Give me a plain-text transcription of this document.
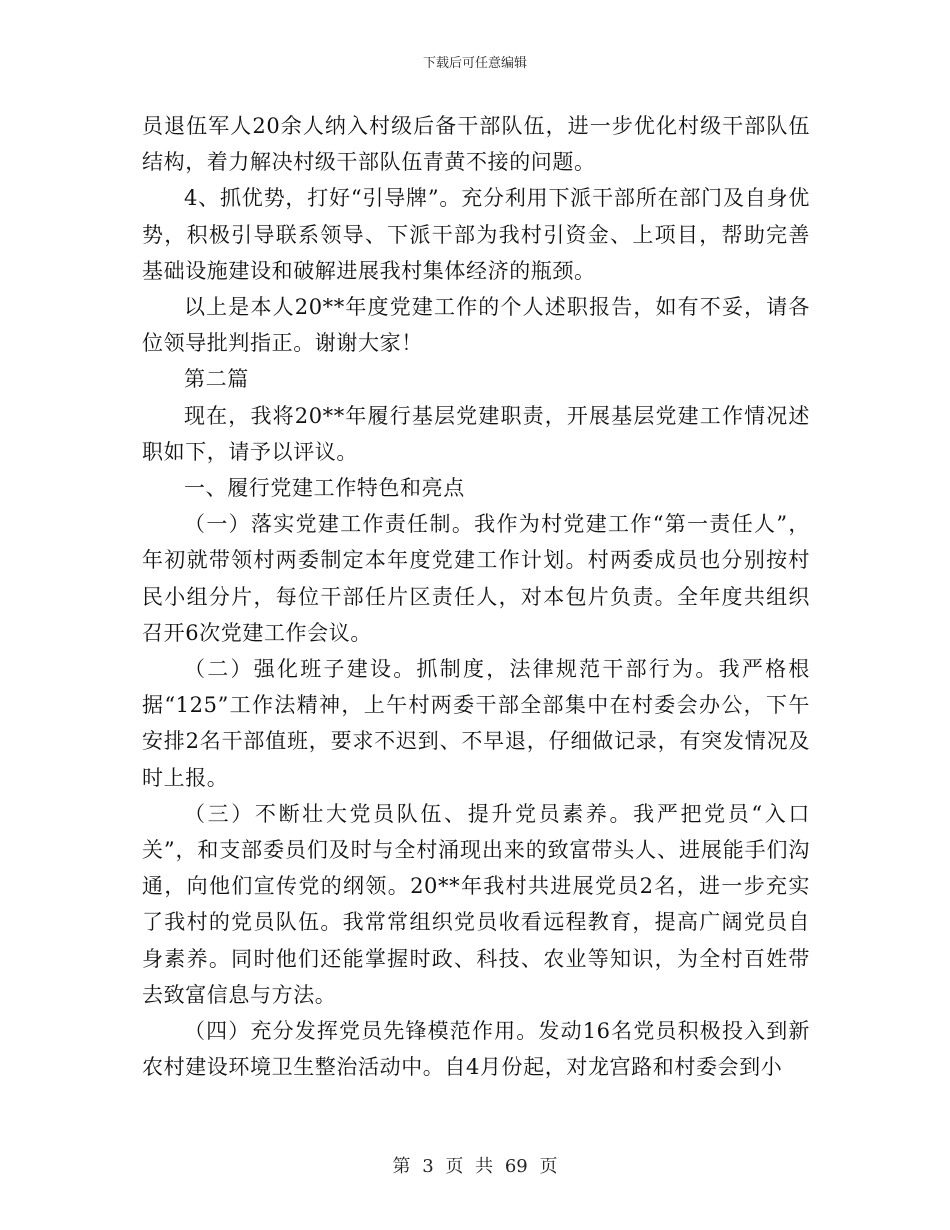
下载后可任意编辑

员退伍军人20余人纳入村级后备干部队伍，进一步优化村级干部队伍结构，着力解决村级干部队伍青黄不接的问题。

4、抓优势，打好“引导牌”。充分利用下派干部所在部门及自身优势，积极引导联系领导、下派干部为我村引资金、上项目，帮助完善基础设施建设和破解进展我村集体经济的瓶颈。

以上是本人20**年度党建工作的个人述职报告，如有不妥，请各位领导批判指正。谢谢大家！

第二篇

现在，我将20**年履行基层党建职责，开展基层党建工作情况述职如下，请予以评议。

一、履行党建工作特色和亮点

（一）落实党建工作责任制。我作为村党建工作“第一责任人”，年初就带领村两委制定本年度党建工作计划。村两委成员也分别按村民小组分片，每位干部任片区责任人，对本包片负责。全年度共组织召开6次党建工作会议。

（二）强化班子建设。抓制度，法律规范干部行为。我严格根据“125”工作法精神，上午村两委干部全部集中在村委会办公，下午安排2名干部值班，要求不迟到、不早退，仔细做记录，有突发情况及时上报。

（三）不断壮大党员队伍、提升党员素养。我严把党员“入口关”，和支部委员们及时与全村涌现出来的致富带头人、进展能手们沟通，向他们宣传党的纲领。20**年我村共进展党员2名，进一步充实了我村的党员队伍。我常常组织党员收看远程教育，提高广阔党员自身素养。同时他们还能掌握时政、科技、农业等知识，为全村百姓带去致富信息与方法。

（四）充分发挥党员先锋模范作用。发动16名党员积极投入到新农村建设环境卫生整治活动中。自4月份起，对龙宫路和村委会到小

第 3 页 共 69 页
